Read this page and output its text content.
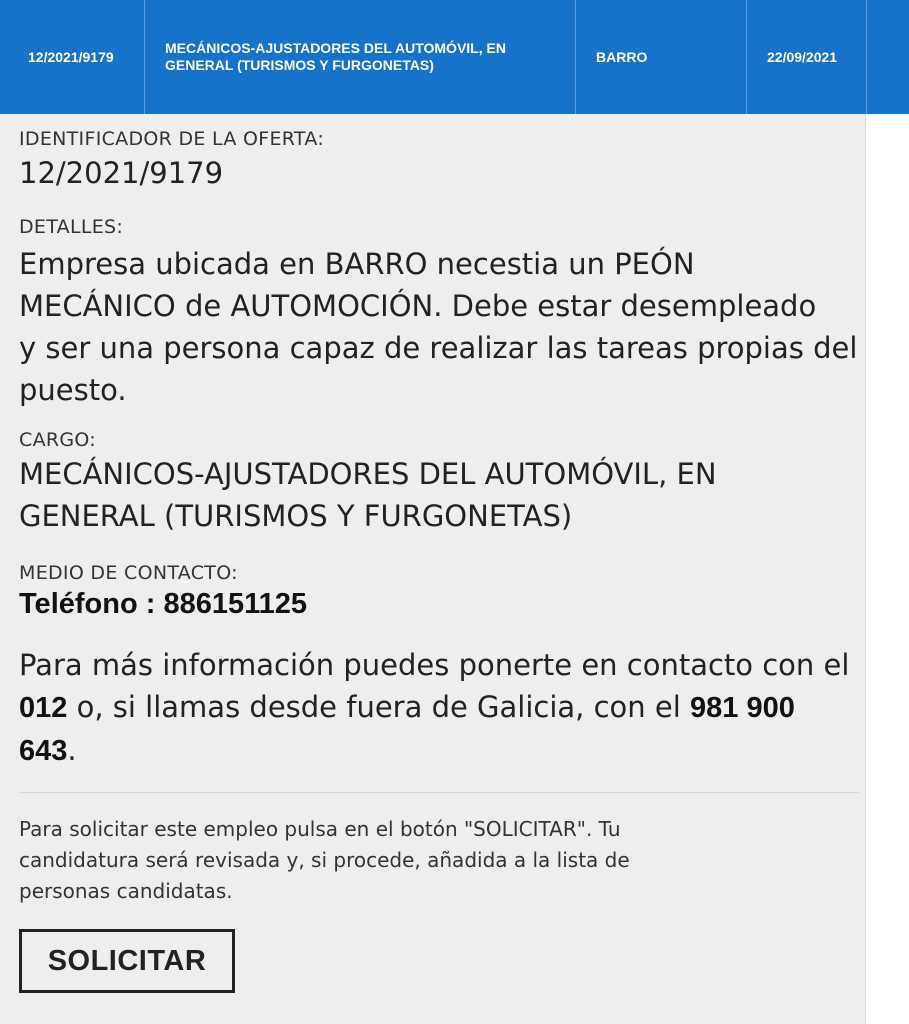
12/2021/9179
MECÁNICOS-AJUSTADORES DEL AUTOMÓVIL, EN
GENERAL (TURISMOS Y FURGONETAS)	BARRO	22/09/2021
IDENTIFICADOR DE LA OFERTA:
12/2021/9179
DETALLES:
Empresa ubicada en BARRO necestia un PEÓN
MECÁNICO de AUTOMOCIÓN. Debe estar desempleado
y ser una persona capaz de realizar las tareas propias del
puesto.
CARGO:
MECÁNICOS-AJUSTADORES DEL AUTOMÓVIL, EN
GENERAL (TURISMOS Y FURGONETAS)
MEDIO DE CONTACTO:
Teléfono : 886151125
Para más información puedes ponerte en contacto con el
012 o, si llamas desde fuera de Galicia, con el 981 900
643.
Para solicitar este empleo pulsa en el botón "SOLICITAR". Tu
candidatura será revisada y, si procede, añadida a la lista de
personas candidatas.
SOLICITAR
